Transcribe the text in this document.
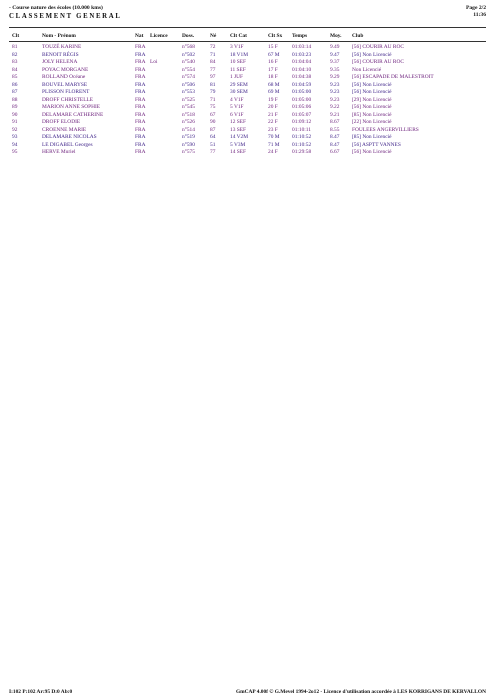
- Course nature des écoles (10.000 kms)
CLASSEMENT GENERAL
Page 2/2
11:36
Clt	Nom - Prénom	Nat Licence	Doss.	Né	Clt Cat	Clt Sx Temps	Moy. Club
81	TOUZÉ KARINE	FRA	n°568	72	3 V1F	15 F	01:03:14	9.49 [56] COURIR AU ROC
82	BENOIT RÉGIS	FRA	n°502	71	18 V1M	67 M 01:03:23	9.47 [56] Non Licencié
83	JOLY HELENA	FRA Loi	n°540	84	10 SEF	16 F	01:04:04	9.37 [56] COURIR AU ROC
84	POYAC MORGANE	FRA	n°554	77	11 SEF	17 F	01:04:10	9.35 Non Licencié
85	ROLLAND Océane	FRA	n°574	97	1 JUF	18 F	01:04:38	9.29 [56] ESCAPADE DE MALESTROIT
86	BOUVEL MARYSE	FRA	n°506	81	29 SEM	68 M 01:04:59	9.23 [56] Non Licencié
87	PLISSON FLORENT	FRA	n°553	79	30 SEM	69 M 01:05:00	9.23 [56] Non Licencié
88	DROFF CHRISTELLE	FRA	n°525	71	4 V1F	19 F	01:05:00	9.23 [29] Non Licencié
89	MARION ANNE SOPHIE	FRA	n°545	75	5 V1F	20 F	01:05:06	9.22 [56] Non Licencié
90	DELAMARE CATHERINE	FRA	n°518	67	6 V1F	21 F	01:05:07	9.21 [85] Non Licencié
91	DROFF ELODIE	FRA	n°526	90	12 SEF	22 F	01:09:12	8.67 [22] Non Licencié
92	CROENNE MARIE	FRA	n°514	87	13 SEF	23 F	01:10:11	8.55 FOULEES ANGERVILLIERS
93	DELAMARE NICOLAS	FRA	n°519	64	14 V2M	70 M 01:10:52	8.47 [85] Non Licencié
94	LE DIGABEL Georges	FRA	n°590	51	5 V3M	71 M 01:10:52	8.47 [56] ASPTT VANNES
95	HERVE Muriel	FRA	n°575	77	14 SEF	24 F	01:29:58	6.67 [56] Non Licencié
I:102 P:102 Ar:95 D:0 Ab:0	GmCAP 4.00f © G.Mevel 1994-2o12 - Licence d'utilisation accordée à LES KORRIGANS DE KERVALLON
